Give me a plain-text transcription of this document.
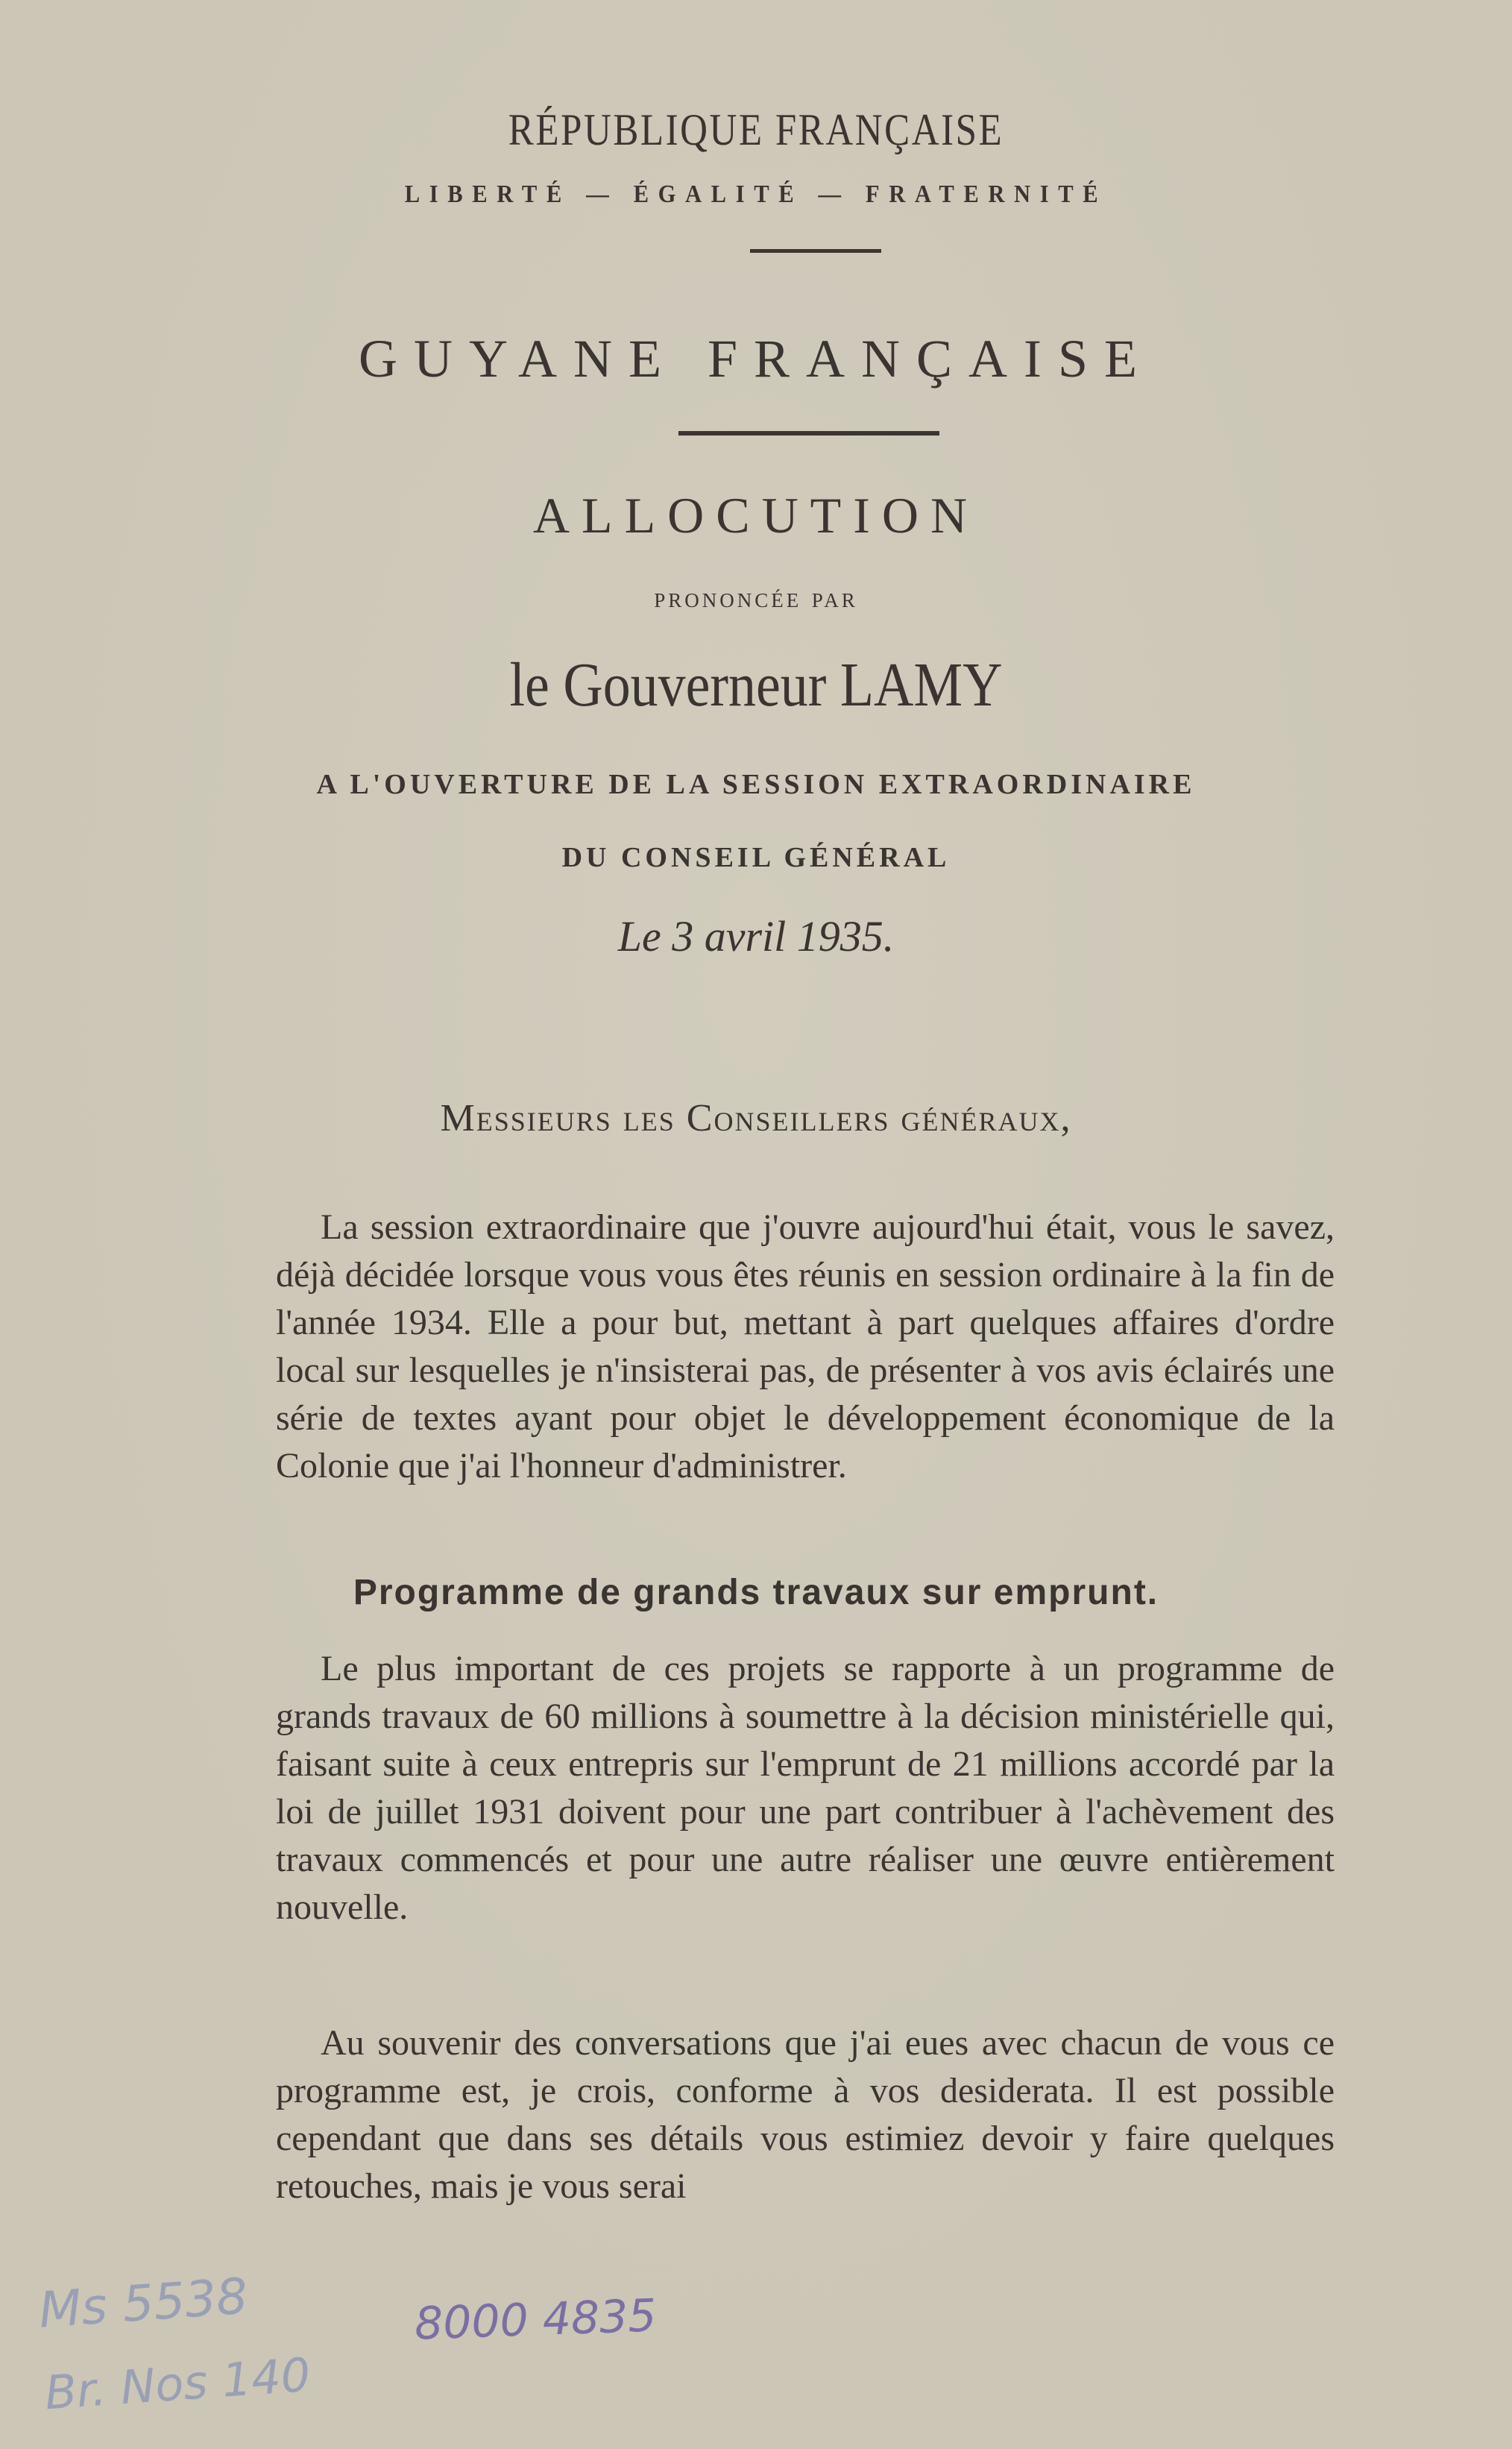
RÉPUBLIQUE FRANÇAISE
LIBERTÉ — ÉGALITÉ — FRATERNITÉ
GUYANE FRANÇAISE
ALLOCUTION
prononcée par
le Gouverneur LAMY
A L'OUVERTURE DE LA SESSION EXTRAORDINAIRE
DU CONSEIL GÉNÉRAL
Le 3 avril 1935.
Messieurs les Conseillers généraux,

La session extraordinaire que j'ouvre aujourd'hui était, vous le savez, déjà décidée lorsque vous vous êtes réunis en session ordinaire à la fin de l'année 1934. Elle a pour but, mettant à part quelques affaires d'ordre local sur lesquelles je n'insisterai pas, de présenter à vos avis éclairés une série de textes ayant pour objet le développement économique de la Colonie que j'ai l'honneur d'administrer.

Programme de grands travaux sur emprunt.

Le plus important de ces projets se rapporte à un programme de grands travaux de 60 millions à soumettre à la décision ministérielle qui, faisant suite à ceux entrepris sur l'emprunt de 21 millions accordé par la loi de juillet 1931 doivent pour une part contribuer à l'achèvement des travaux commencés et pour une autre réaliser une œuvre entièrement nouvelle.

Au souvenir des conversations que j'ai eues avec chacun de vous ce programme est, je crois, conforme à vos desiderata. Il est possible cependant que dans ses détails vous estimiez devoir y faire quelques retouches, mais je vous serai

Ms 5538
Br. Nos 140
8000 4835
